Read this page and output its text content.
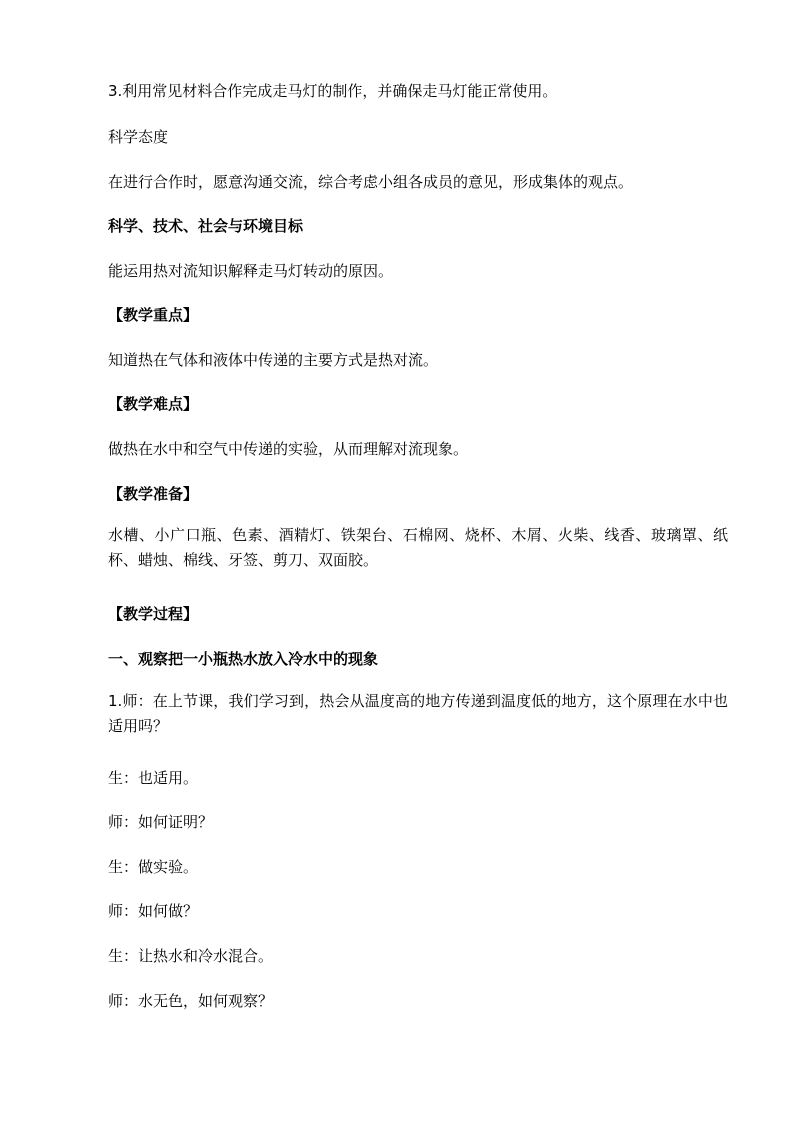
3.利用常见材料合作完成走马灯的制作，并确保走马灯能正常使用。
科学态度
在进行合作时，愿意沟通交流，综合考虑小组各成员的意见，形成集体的观点。
科学、技术、社会与环境目标
能运用热对流知识解释走马灯转动的原因。
【教学重点】
知道热在气体和液体中传递的主要方式是热对流。
【教学难点】
做热在水中和空气中传递的实验，从而理解对流现象。
【教学准备】
水槽、小广口瓶、色素、酒精灯、铁架台、石棉网、烧杯、木屑、火柴、线香、玻璃罩、纸杯、蜡烛、棉线、牙签、剪刀、双面胶。
【教学过程】
一、观察把一小瓶热水放入冷水中的现象
1.师：在上节课，我们学习到，热会从温度高的地方传递到温度低的地方，这个原理在水中也适用吗？
生：也适用。
师：如何证明？
生：做实验。
师：如何做？
生：让热水和冷水混合。
师：水无色，如何观察？
